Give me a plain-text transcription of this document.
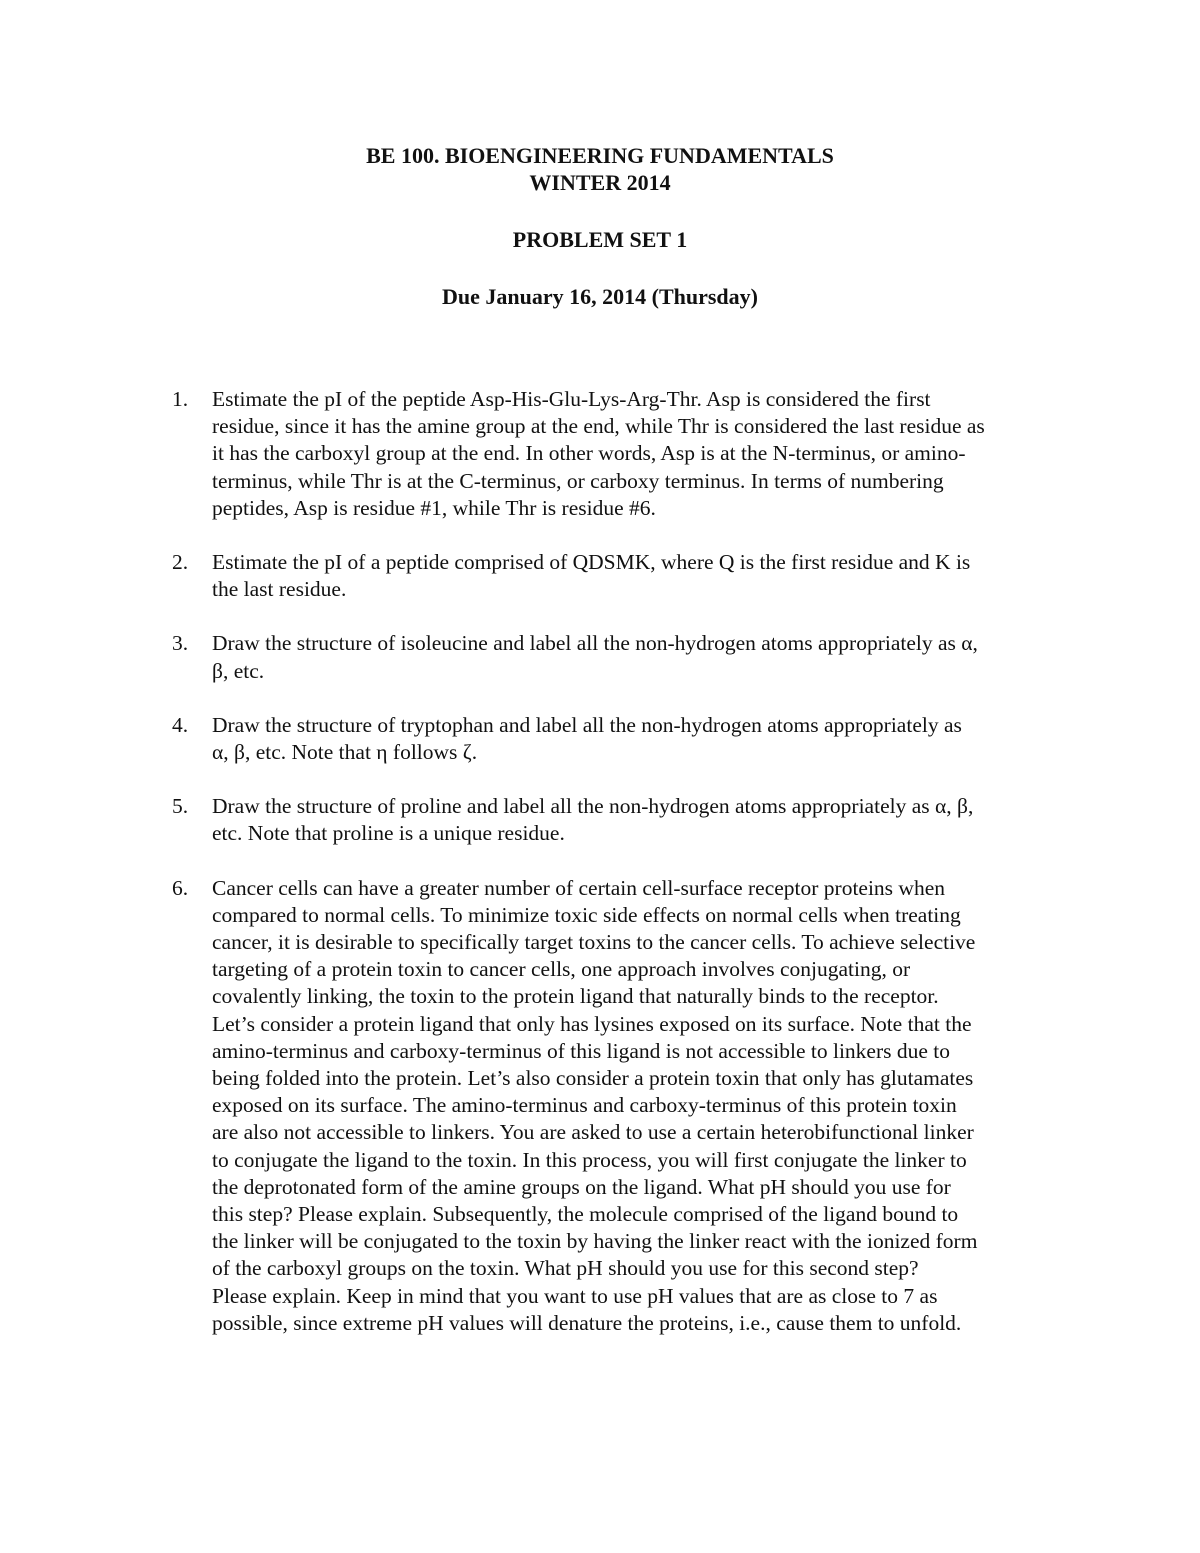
BE 100. BIOENGINEERING FUNDAMENTALS
WINTER 2014
PROBLEM SET 1
Due January 16, 2014 (Thursday)
1. Estimate the pI of the peptide Asp-His-Glu-Lys-Arg-Thr. Asp is considered the first
residue, since it has the amine group at the end, while Thr is considered the last residue as
it has the carboxyl group at the end. In other words, Asp is at the N-terminus, or amino-
terminus, while Thr is at the C-terminus, or carboxy terminus. In terms of numbering
peptides, Asp is residue #1, while Thr is residue #6.
2. Estimate the pI of a peptide comprised of QDSMK, where Q is the first residue and K is
the last residue.
3. Draw the structure of isoleucine and label all the non-hydrogen atoms appropriately as α,
β, etc.
4. Draw the structure of tryptophan and label all the non-hydrogen atoms appropriately as
α, β, etc. Note that η follows ζ.
5. Draw the structure of proline and label all the non-hydrogen atoms appropriately as α, β,
etc. Note that proline is a unique residue.
6. Cancer cells can have a greater number of certain cell-surface receptor proteins when
compared to normal cells. To minimize toxic side effects on normal cells when treating
cancer, it is desirable to specifically target toxins to the cancer cells. To achieve selective
targeting of a protein toxin to cancer cells, one approach involves conjugating, or
covalently linking, the toxin to the protein ligand that naturally binds to the receptor.
Let’s consider a protein ligand that only has lysines exposed on its surface. Note that the
amino-terminus and carboxy-terminus of this ligand is not accessible to linkers due to
being folded into the protein. Let’s also consider a protein toxin that only has glutamates
exposed on its surface. The amino-terminus and carboxy-terminus of this protein toxin
are also not accessible to linkers. You are asked to use a certain heterobifunctional linker
to conjugate the ligand to the toxin. In this process, you will first conjugate the linker to
the deprotonated form of the amine groups on the ligand. What pH should you use for
this step? Please explain. Subsequently, the molecule comprised of the ligand bound to
the linker will be conjugated to the toxin by having the linker react with the ionized form
of the carboxyl groups on the toxin. What pH should you use for this second step?
Please explain. Keep in mind that you want to use pH values that are as close to 7 as
possible, since extreme pH values will denature the proteins, i.e., cause them to unfold.
